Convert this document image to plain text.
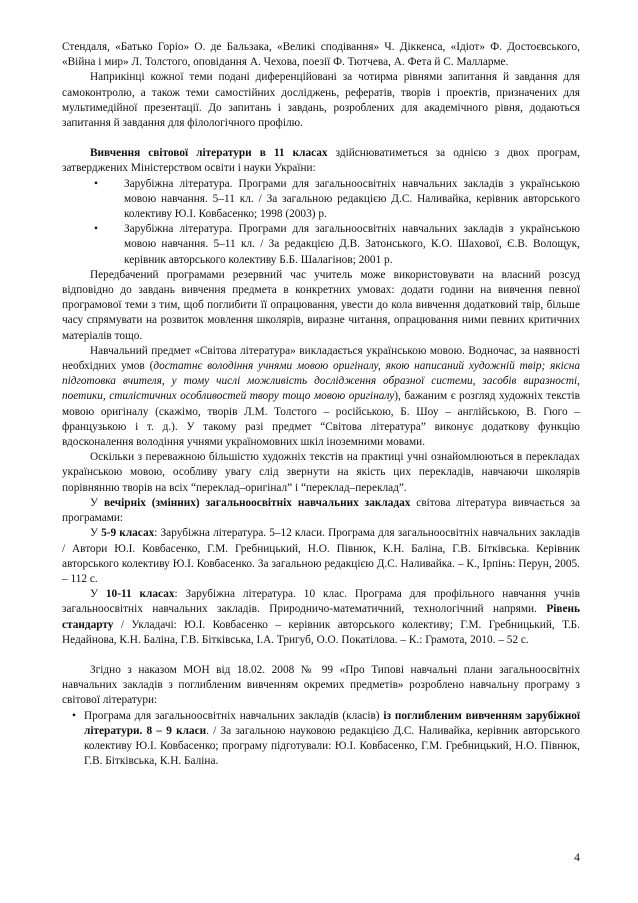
Стендаля, «Батько Горіо» О. де Бальзака, «Великі сподівання» Ч. Діккенса, «Ідіот» Ф. Достоєвського, «Війна і мир» Л. Толстого, оповідання А. Чехова, поезії Ф. Тютчева, А. Фета й С. Малларме.

Наприкінці кожної теми подані диференційовані за чотирма рівнями запитання й завдання для самоконтролю, а також теми самостійних досліджень, рефератів, творів і проектів, призначених для мультимедійної презентації. До запитань і завдань, розроблених для академічного рівня, додаються запитання й завдання для філологічного профілю.

Вивчення світової літератури в 11 класах здійснюватиметься за однією з двох програм, затверджених Міністерством освіти і науки України:

•	Зарубіжна література. Програми для загальноосвітніх навчальних закладів з українською мовою навчання. 5–11 кл. / За загальною редакцією Д.С. Наливайка, керівник авторського колективу Ю.І. Ковбасенко; 1998 (2003) р.
•	Зарубіжна література. Програми для загальноосвітніх навчальних закладів з українською мовою навчання. 5–11 кл. / За редакцією Д.В. Затонського, К.О. Шахової, Є.В. Волощук, керівник авторського колективу Б.Б. Шалагінов; 2001 р.

Передбачений програмами резервний час учитель може використовувати на власний розсуд відповідно до завдань вивчення предмета в конкретних умовах: додати години на вивчення певної програмової теми з тим, щоб поглибити її опрацювання, увести до кола вивчення додатковий твір, більше часу спрямувати на розвиток мовлення школярів, виразне читання, опрацювання ними певних критичних матеріалів тощо.

Навчальний предмет «Світова література» викладається українською мовою. Водночас, за наявності необхідних умов (достатнє володіння учнями мовою оригіналу, якою написаний художній твір; якісна підготовка вчителя, у тому числі можливість дослідження образної системи, засобів виразності, поетики, стилістичних особливостей твору тощо мовою оригіналу), бажаним є розгляд художніх текстів мовою оригіналу (скажімо, творів Л.М. Толстого – російською, Б. Шоу – англійською, В. Гюго – французькою і т. д.). У такому разі предмет “Світова література” виконує додаткову функцію вдосконалення володіння учнями україномовних шкіл іноземними мовами.

Оскільки з переважною більшістю художніх текстів на практиці учні ознайомлюються в перекладах українською мовою, особливу увагу слід звернути на якість цих перекладів, навчаючи школярів порівнянню творів на всіх “переклад–оригінал” і “переклад–переклад”.

У вечірніх (змінних) загальноосвітніх навчальних закладах світова література вивчається за програмами:

У 5-9 класах: Зарубіжна література. 5–12 класи. Програма для загальноосвітніх навчальних закладів / Автори Ю.І. Ковбасенко, Г.М. Гребницький, Н.О. Півнюк, К.Н. Баліна, Г.В. Бітківська. Керівник авторського колективу Ю.І. Ковбасенко. За загальною редакцією Д.С. Наливайка. – К., Ірпінь: Перун, 2005. – 112 с.

У 10-11 класах: Зарубіжна література. 10 клас. Програма для профільного навчання учнів загальноосвітніх навчальних закладів. Природничо-математичний, технологічний напрями. Рівень стандарту / Укладачі: Ю.І. Ковбасенко – керівник авторського колективу; Г.М. Гребницький, Т.Б. Недайнова, К.Н. Баліна, Г.В. Бітківська, І.А. Тригуб, О.О. Покатілова. – К.: Грамота, 2010. – 52 с.

Згідно з наказом МОН від 18.02. 2008 № 99 «Про Типові навчальні плани загальноосвітніх навчальних закладів з поглибленим вивченням окремих предметів» розроблено навчальну програму з світової літератури:

• Програма для загальноосвітніх навчальних закладів (класів) із поглибленим вивченням зарубіжної літератури. 8 – 9 класи. / За загальною науковою редакцією Д.С. Наливайка, керівник авторського колективу Ю.І. Ковбасенко; програму підготували: Ю.І. Ковбасенко, Г.М. Гребницький, Н.О. Півнюк, Г.В. Бітківська, К.Н. Баліна.
4
